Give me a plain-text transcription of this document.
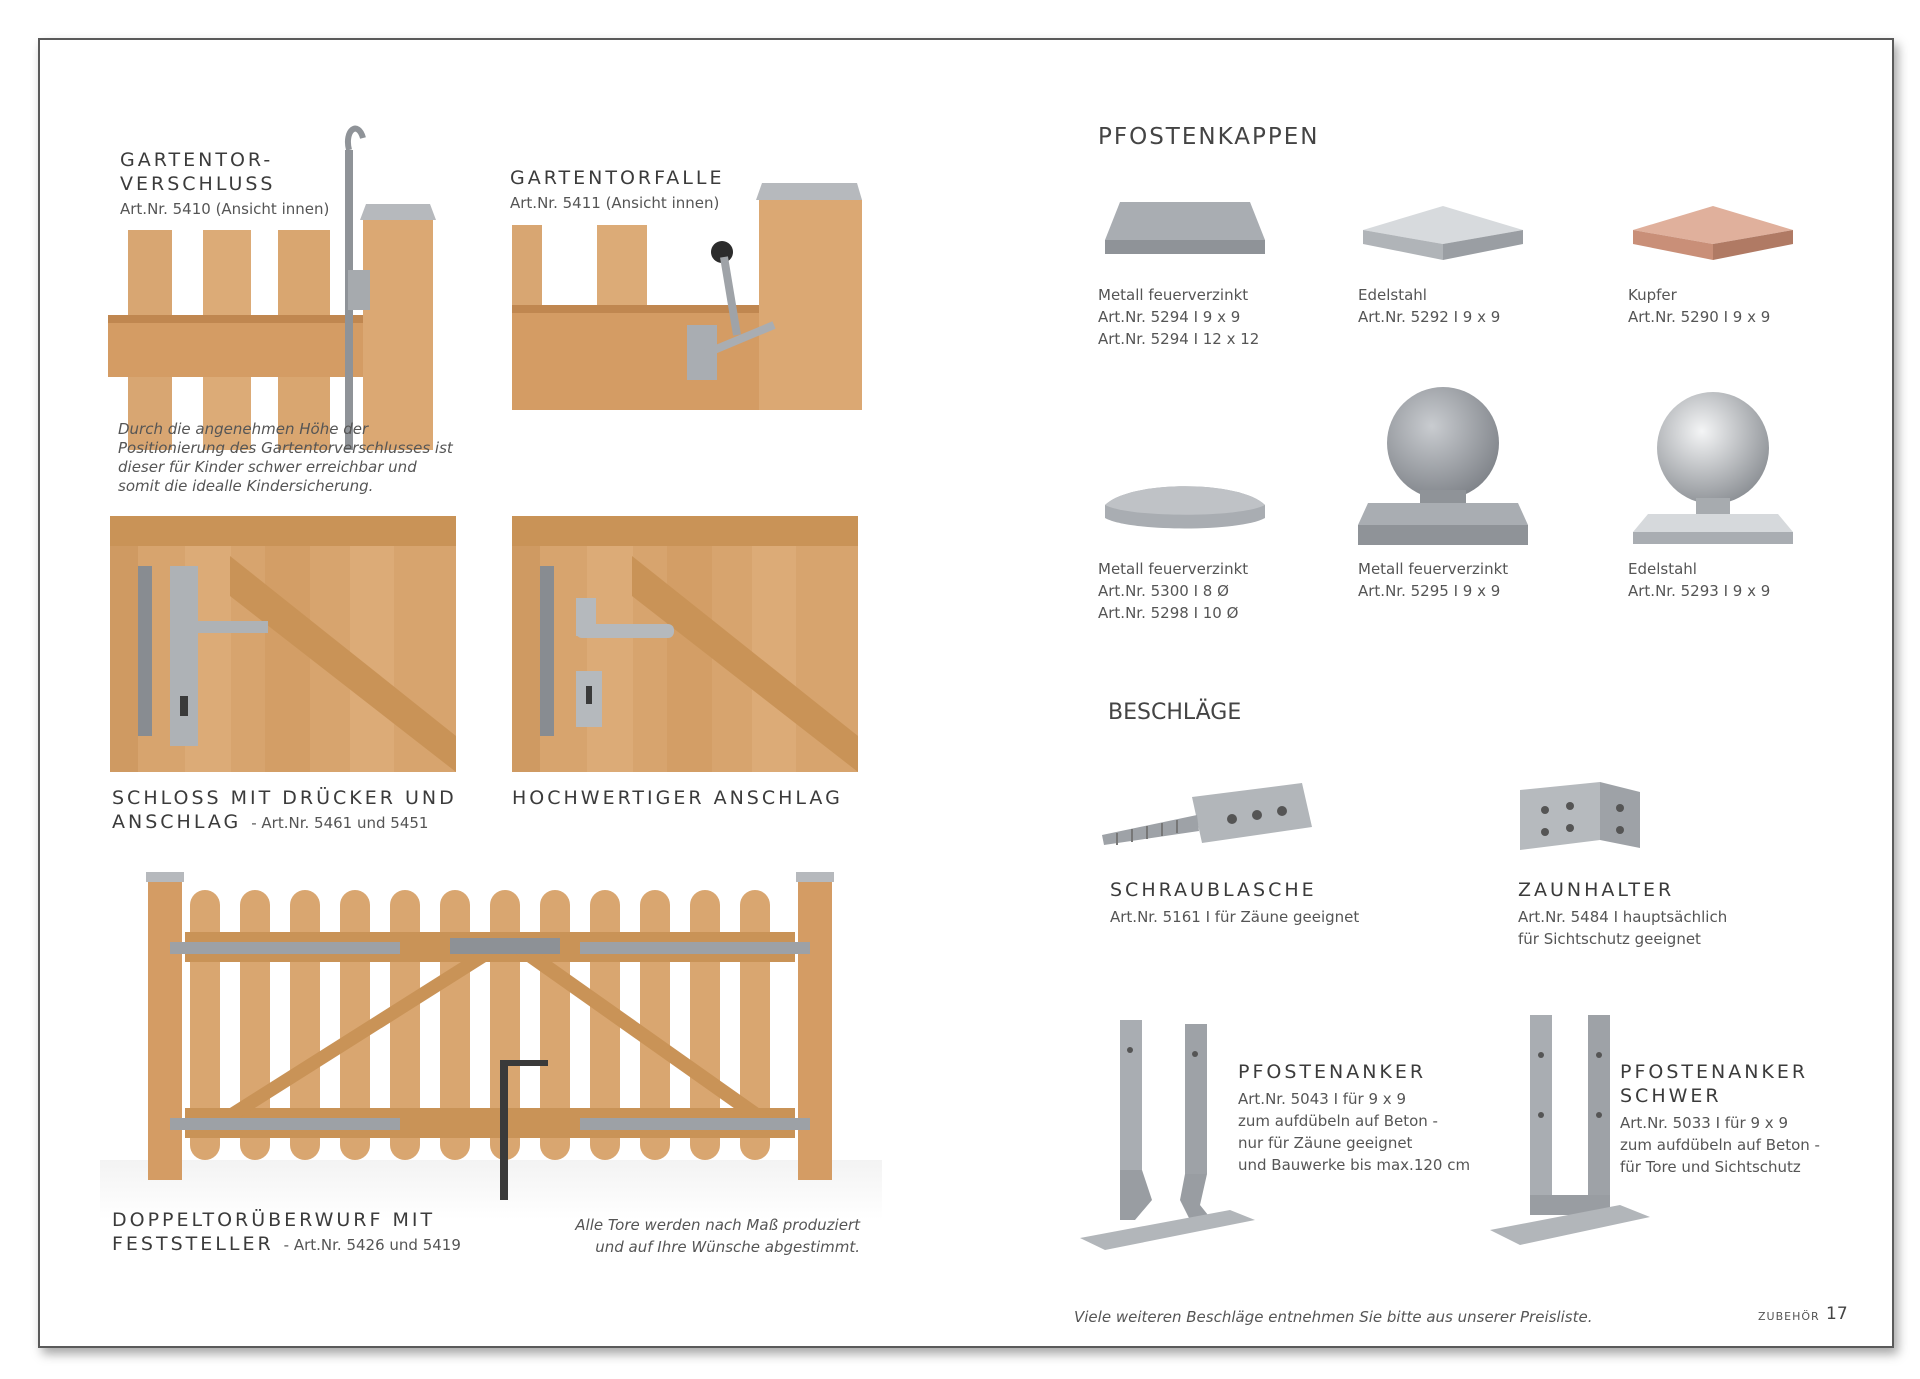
GARTENTOR-
VERSCHLUSS
Art.Nr. 5410 (Ansicht innen)
Durch die angenehmen Höhe der Positionierung des Gartentorverschlusses ist dieser für Kinder schwer erreichbar und somit die idealle Kindersicherung.
GARTENTORFALLE
Art.Nr. 5411 (Ansicht innen)
SCHLOSS MIT DRÜCKER UND
ANSCHLAG - Art.Nr. 5461 und 5451
HOCHWERTIGER ANSCHLAG
DOPPELTORÜBERWURF MIT
FESTSTELLER - Art.Nr. 5426 und 5419
Alle Tore werden nach Maß produziert
und auf Ihre Wünsche abgestimmt.
PFOSTENKAPPEN
Metall feuerverzinkt
Art.Nr. 5294 I 9 x 9
Art.Nr. 5294 I 12 x 12
Edelstahl
Art.Nr. 5292 I 9 x 9
Kupfer
Art.Nr. 5290 I 9 x 9
Metall feuerverzinkt
Art.Nr. 5300 I 8 Ø
Art.Nr. 5298 I 10 Ø
Metall feuerverzinkt
Art.Nr. 5295 I 9 x 9
Edelstahl
Art.Nr. 5293 I 9 x 9
BESCHLÄGE
SCHRAUBLASCHE
Art.Nr. 5161 I für Zäune geeignet
ZAUNHALTER
Art.Nr. 5484 I hauptsächlich
für Sichtschutz geeignet
PFOSTENANKER
Art.Nr. 5043 I für 9 x 9
zum aufdübeln auf Beton -
nur für Zäune geeignet
und Bauwerke bis max.120 cm
PFOSTENANKER
SCHWER
Art.Nr. 5033 I für 9 x 9
zum aufdübeln auf Beton -
für Tore und Sichtschutz
Viele weiteren Beschläge entnehmen Sie bitte aus unserer Preisliste.	ZUBEHÖR 17
